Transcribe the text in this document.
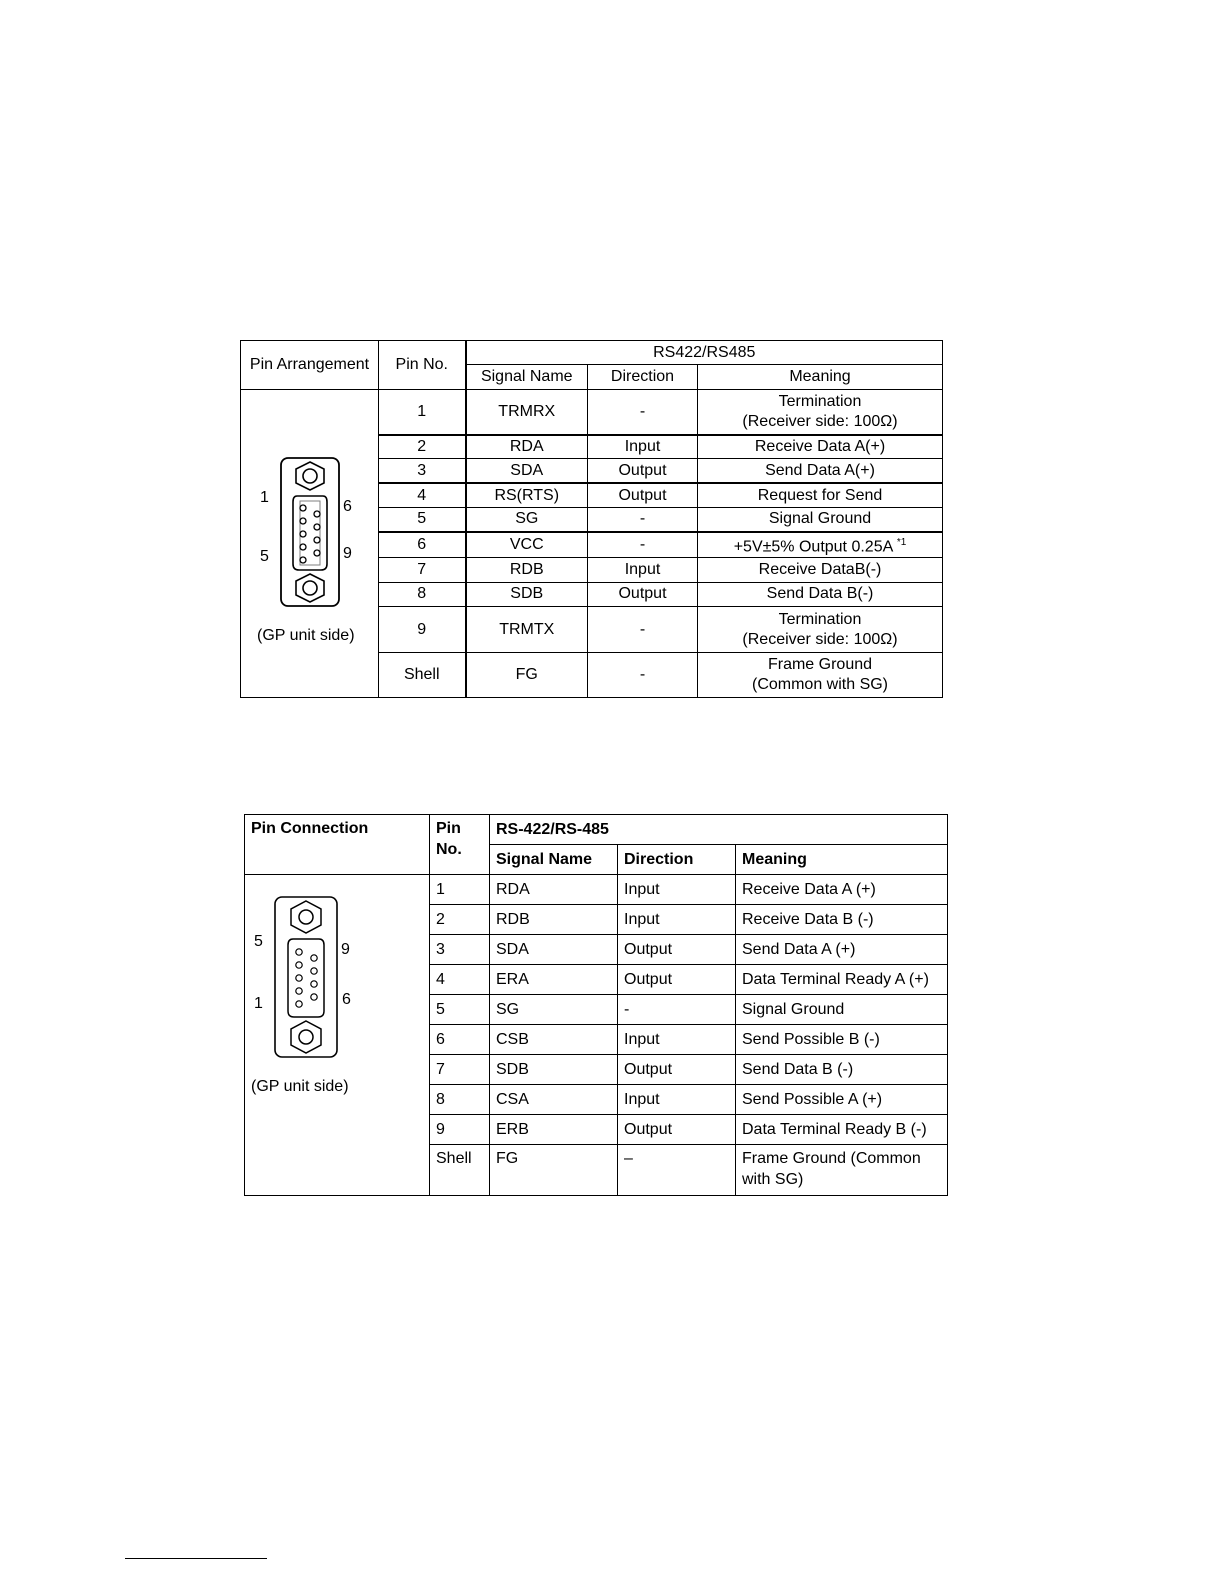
Pin Arrangement	Pin No.	RS422/RS485		
		Signal Name	Direction	Meaning

1
6
5 9
(GP unit side)	1	TRMRX	-	Termination
(Receiver side: 100Ω)
	2	RDA	Input	Receive Data A(+)
	3	SDA	Output	Send Data A(+)
	4	RS(RTS)	Output	Request for Send
	5	SG	-	Signal Ground
	6	VCC	-	+5V±5% Output 0.25A $^{*1}$
	7	RDB	Input	Receive DataB(-)
	8	SDB	Output	Send Data B(-)
	9	TRMTX	-	Termination
(Receiver side: 100Ω)
	Shell	FG	-	Frame Ground
(Common with SG)
Pin Connection	Pin
No.	RS-422/RS-485		
		Signal Name	Direction	Meaning

5 9
1 6
(GP unit side)	1	RDA	Input	Receive Data A (+)
	2	RDB	Input	Receive Data B (-)
	3	SDA	Output	Send Data A (+)
	4	ERA	Output	Data Terminal Ready A (+)
	5	SG	-	Signal Ground
	6	CSB	Input	Send Possible B (-)
	7	SDB	Output	Send Data B (-)
	8	CSA	Input	Send Possible A (+)
	9	ERB	Output	Data Terminal Ready B (-)
	Shell	FG	–	Frame Ground (Common
with SG)
